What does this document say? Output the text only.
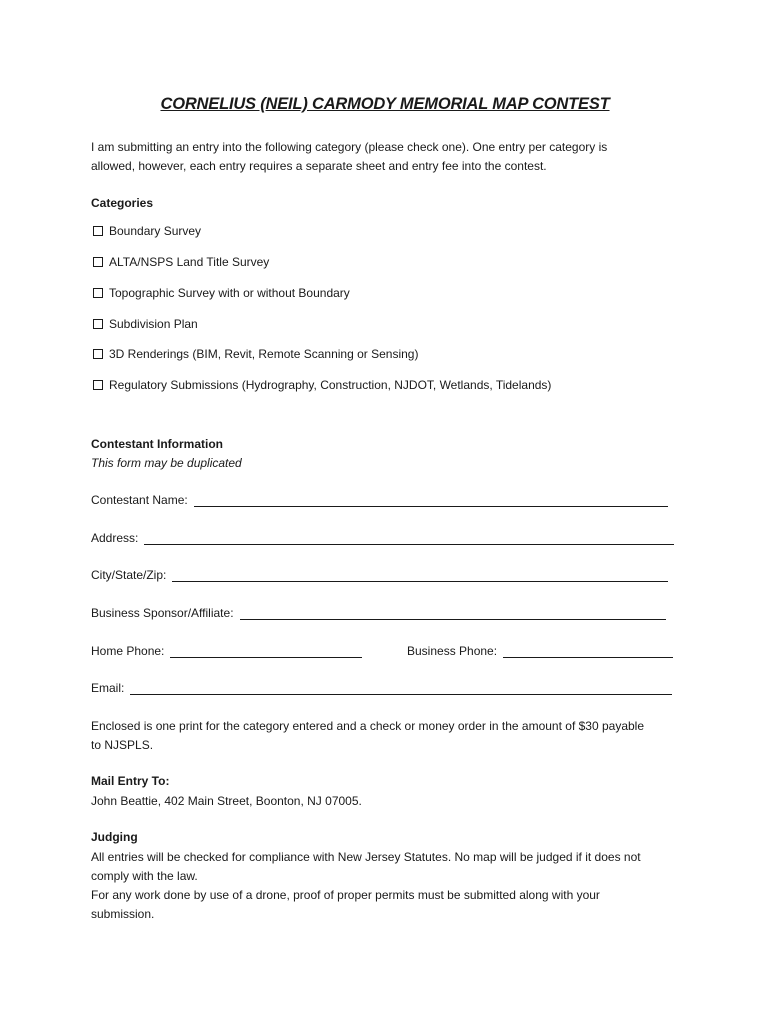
CORNELIUS (NEIL) CARMODY MEMORIAL MAP CONTEST
I am submitting an entry into the following category (please check one). One entry per category is
allowed, however, each entry requires a separate sheet and entry fee into the contest.
Categories
Boundary Survey
ALTA/NSPS Land Title Survey
Topographic Survey with or without Boundary
Subdivision Plan
3D Renderings (BIM, Revit, Remote Scanning or Sensing)
Regulatory Submissions (Hydrography, Construction, NJDOT, Wetlands, Tidelands)
Contestant Information
This form may be duplicated
Contestant Name:
Address:
City/State/Zip:
Business Sponsor/Affiliate:
Home Phone:	Business Phone:
Email:
Enclosed is one print for the category entered and a check or money order in the amount of $30 payable
to NJSPLS.
Mail Entry To:
John Beattie, 402 Main Street, Boonton, NJ 07005.
Judging
All entries will be checked for compliance with New Jersey Statutes. No map will be judged if it does not
comply with the law.
For any work done by use of a drone, proof of proper permits must be submitted along with your
submission.
